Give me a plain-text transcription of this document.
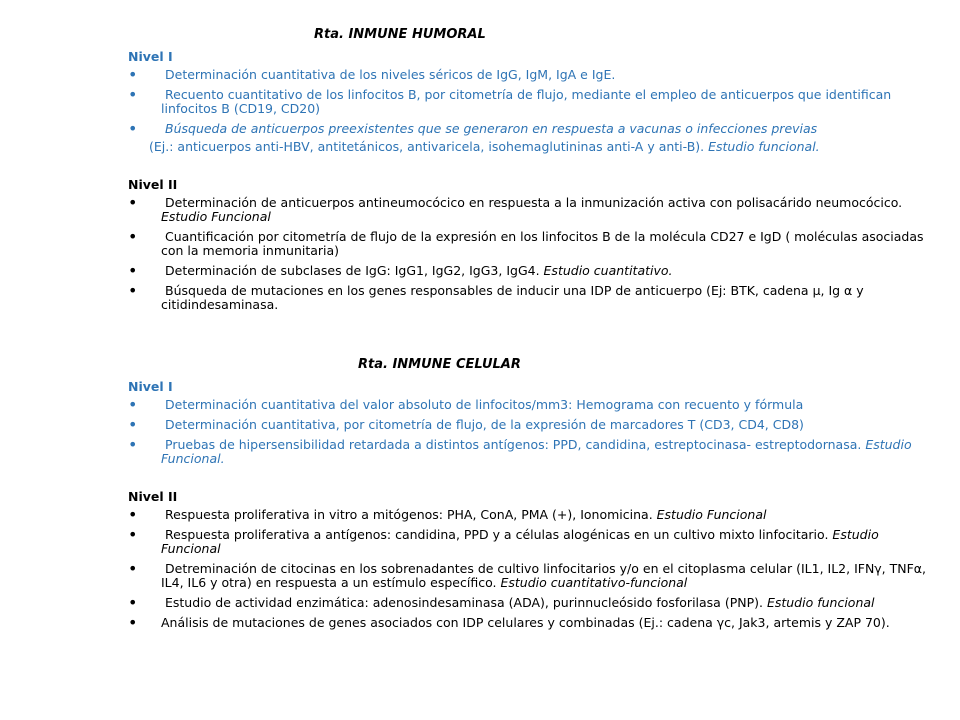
Rta. INMUNE HUMORAL
Nivel I
• Determinación cuantitativa de los niveles séricos de IgG, IgM, IgA e IgE.
• Recuento cuantitativo de los linfocitos B, por citometría de flujo, mediante el empleo de anticuerpos que identifican linfocitos B (CD19, CD20)
• Búsqueda de anticuerpos preexistentes que se generaron en respuesta a vacunas o infecciones previas
(Ej.: anticuerpos anti-HBV, antitetánicos, antivaricela, isohemaglutininas anti-A y anti-B). Estudio funcional.
Nivel II
• Determinación de anticuerpos antineumocócico en respuesta a la inmunización activa con polisacárido neumocócico. Estudio Funcional
• Cuantificación por citometría de flujo de la expresión en los linfocitos B de la molécula CD27 e IgD ( moléculas asociadas con la memoria inmunitaria)
• Determinación de subclases de IgG: IgG1, IgG2, IgG3, IgG4. Estudio cuantitativo.
• Búsqueda de mutaciones en los genes responsables de inducir una IDP de anticuerpo (Ej: BTK, cadena µ, Ig α y citidindesaminasa.
Rta. INMUNE CELULAR
Nivel I
• Determinación cuantitativa del valor absoluto de linfocitos/mm3: Hemograma con recuento y fórmula
• Determinación cuantitativa, por citometría de flujo, de la expresión de marcadores T (CD3, CD4, CD8)
• Pruebas de hipersensibilidad retardada a distintos antígenos: PPD, candidina, estreptocinasa- estreptodornasa. Estudio Funcional.
Nivel II
• Respuesta proliferativa in vitro a mitógenos: PHA, ConA, PMA (+), Ionomicina. Estudio Funcional
• Respuesta proliferativa a antígenos: candidina, PPD y a células alogénicas en un cultivo mixto linfocitario. Estudio Funcional
• Detreminación de citocinas en los sobrenadantes de cultivo linfocitarios y/o en el citoplasma celular (IL1, IL2, IFNγ, TNFα, IL4, IL6 y otra) en respuesta a un estímulo específico. Estudio cuantitativo-funcional
• Estudio de actividad enzimática: adenosindesaminasa (ADA), purinnucleósido fosforilasa (PNP). Estudio funcional
• Análisis de mutaciones de genes asociados con IDP celulares y combinadas (Ej.: cadena γc, Jak3, artemis y ZAP 70).
